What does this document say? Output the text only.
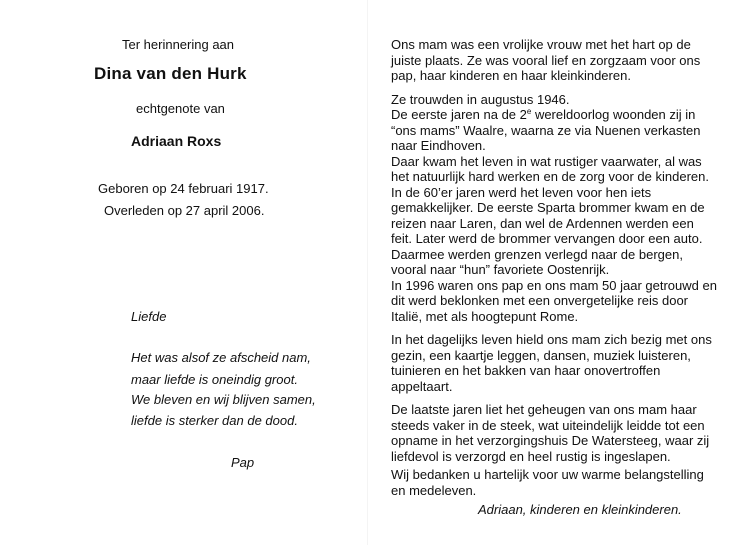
Ter herinnering aan
Dina van den Hurk
echtgenote van
Adriaan Roxs
Geboren op 24 februari 1917.
Overleden op 27 april 2006.
Liefde
Het was alsof ze afscheid nam,
maar liefde is oneindig groot.
We bleven en wij blijven samen,
liefde is sterker dan de dood.
Pap

Ons mam was een vrolijke vrouw met het hart op de

juiste plaats. Ze was vooral lief en zorgzaam voor ons

pap, haar kinderen en haar kleinkinderen.

Ze trouwden in augustus 1946.

De eerste jaren na de 2e wereldoorlog woonden zij in

“ons mams” Waalre, waarna ze via Nuenen verkasten

naar Eindhoven.

Daar kwam het leven in wat rustiger vaarwater, al was

het natuurlijk hard werken en de zorg voor de kinderen.

In de 60’er jaren werd het leven voor hen iets

gemakkelijker. De eerste Sparta brommer kwam en de

reizen naar Laren, dan wel de Ardennen werden een

feit. Later werd de brommer vervangen door een auto.

Daarmee werden grenzen verlegd naar de bergen,

vooral naar “hun” favoriete Oostenrijk.

In 1996 waren ons pap en ons mam 50 jaar getrouwd en

dit werd beklonken met een onvergetelijke reis door

Italië, met als hoogtepunt Rome.

In het dagelijks leven hield ons mam zich bezig met ons

gezin, een kaartje leggen, dansen, muziek luisteren,

tuinieren en het bakken van haar onovertroffen

appeltaart.

De laatste jaren liet het geheugen van ons mam haar

steeds vaker in de steek, wat uiteindelijk leidde tot een

opname in het verzorgingshuis De Watersteeg, waar zij

liefdevol is verzorgd en heel rustig is ingeslapen.

Wij bedanken u hartelijk voor uw warme belangstelling
en medeleven.
Adriaan, kinderen en kleinkinderen.
